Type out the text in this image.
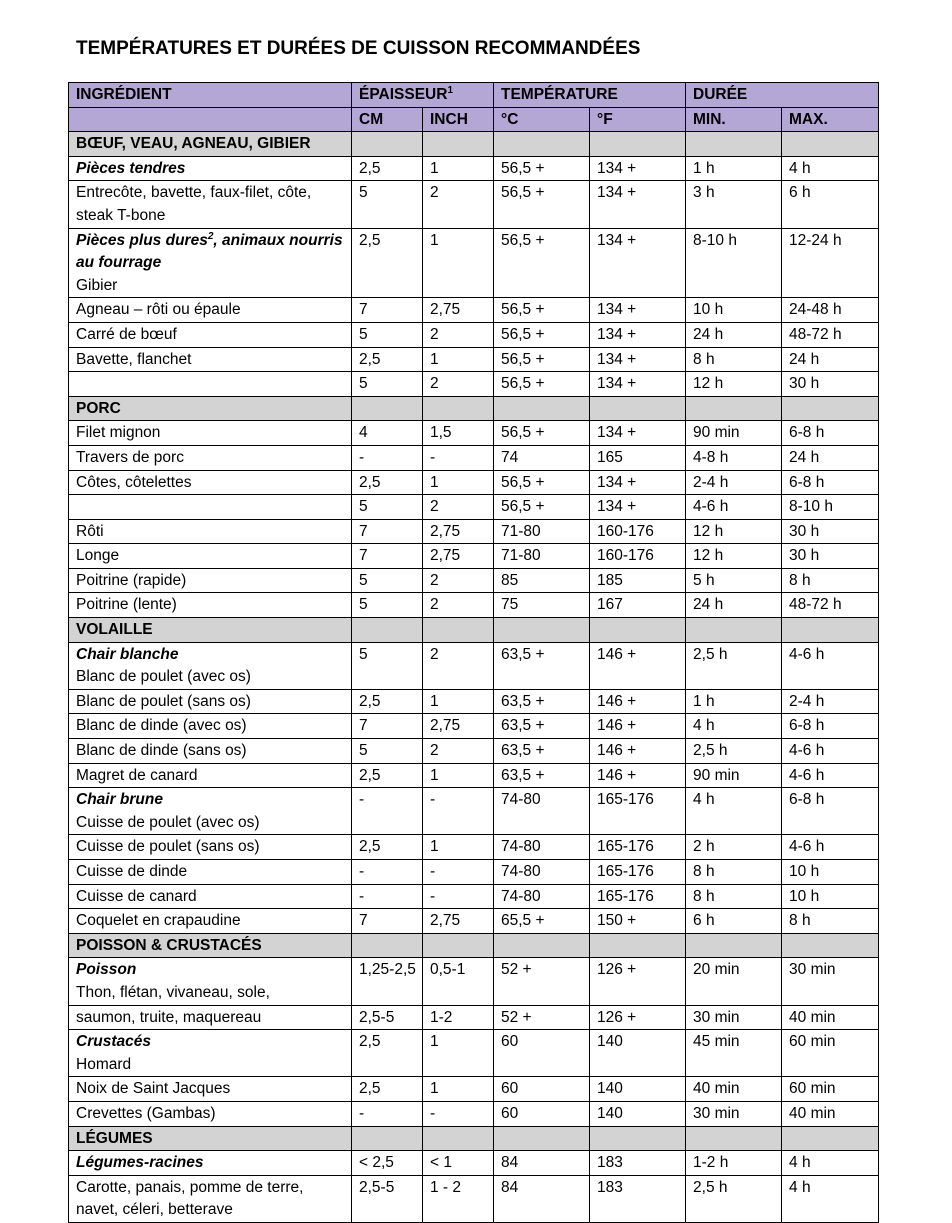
TEMPÉRATURES ET DURÉES DE CUISSON RECOMMANDÉES
INGRÉDIENT	ÉPAISSEUR$^1$		TEMPÉRATURE		DURÉE	
	CM	INCH	°C	°F	MIN.	MAX.
BŒUF, VEAU, AGNEAU, GIBIER						

Pièces tendres	2,5	1	56,5 +	134 +	1 h	4 h

Entrecôte, bavette, faux-filet, côte, steak T-bone	5	2	56,5 +	134 +	3 h	6 h

Pièces plus dures$^2$, animaux nourris au fourrage
Gibier	2,5	1	56,5 +	134 +	8-10 h	12-24 h

Agneau – rôti ou épaule	7	2,75	56,5 +	134 +	10 h	24-48 h

Carré de bœuf	5	2	56,5 +	134 +	24 h	48-72 h

Bavette, flanchet	2,5	1	56,5 +	134 +	8 h	24 h

	5	2	56,5 +	134 +	12 h	30 h
PORC						

Filet mignon	4	1,5	56,5 +	134 +	90 min	6-8 h

Travers de porc	-	-	74	165	4-8 h	24 h

Côtes, côtelettes	2,5	1	56,5 +	134 +	2-4 h	6-8 h

	5	2	56,5 +	134 +	4-6 h	8-10 h

Rôti	7	2,75	71-80	160-176	12 h	30 h

Longe	7	2,75	71-80	160-176	12 h	30 h

Poitrine (rapide)	5	2	85	185	5 h	8 h

Poitrine (lente)	5	2	75	167	24 h	48-72 h
VOLAILLE						

Chair blanche
Blanc de poulet (avec os)	5	2	63,5 +	146 +	2,5 h	4-6 h

Blanc de poulet (sans os)	2,5	1	63,5 +	146 +	1 h	2-4 h

Blanc de dinde (avec os)	7	2,75	63,5 +	146 +	4 h	6-8 h

Blanc de dinde (sans os)	5	2	63,5 +	146 +	2,5 h	4-6 h

Magret de canard	2,5	1	63,5 +	146 +	90 min	4-6 h

Chair brune
Cuisse de poulet (avec os)	-	-	74-80	165-176	4 h	6-8 h

Cuisse de poulet (sans os)	2,5	1	74-80	165-176	2 h	4-6 h

Cuisse de dinde	-	-	74-80	165-176	8 h	10 h

Cuisse de canard	-	-	74-80	165-176	8 h	10 h

Coquelet en crapaudine	7	2,75	65,5 +	150 +	6 h	8 h
POISSON & CRUSTACÉS						

Poisson
Thon, flétan, vivaneau, sole,	1,25-2,5	0,5-1	52 +	126 +	20 min	30 min

saumon, truite, maquereau	2,5-5	1-2	52 +	126 +	30 min	40 min

Crustacés
Homard	2,5	1	60	140	45 min	60 min

Noix de Saint Jacques	2,5	1	60	140	40 min	60 min

Crevettes (Gambas)	-	-	60	140	30 min	40 min
LÉGUMES						

Légumes-racines	< 2,5	< 1	84	183	1-2 h	4 h

Carotte, panais, pomme de terre, navet, céleri, betterave	2,5-5	1 - 2	84	183	2,5 h	4 h
